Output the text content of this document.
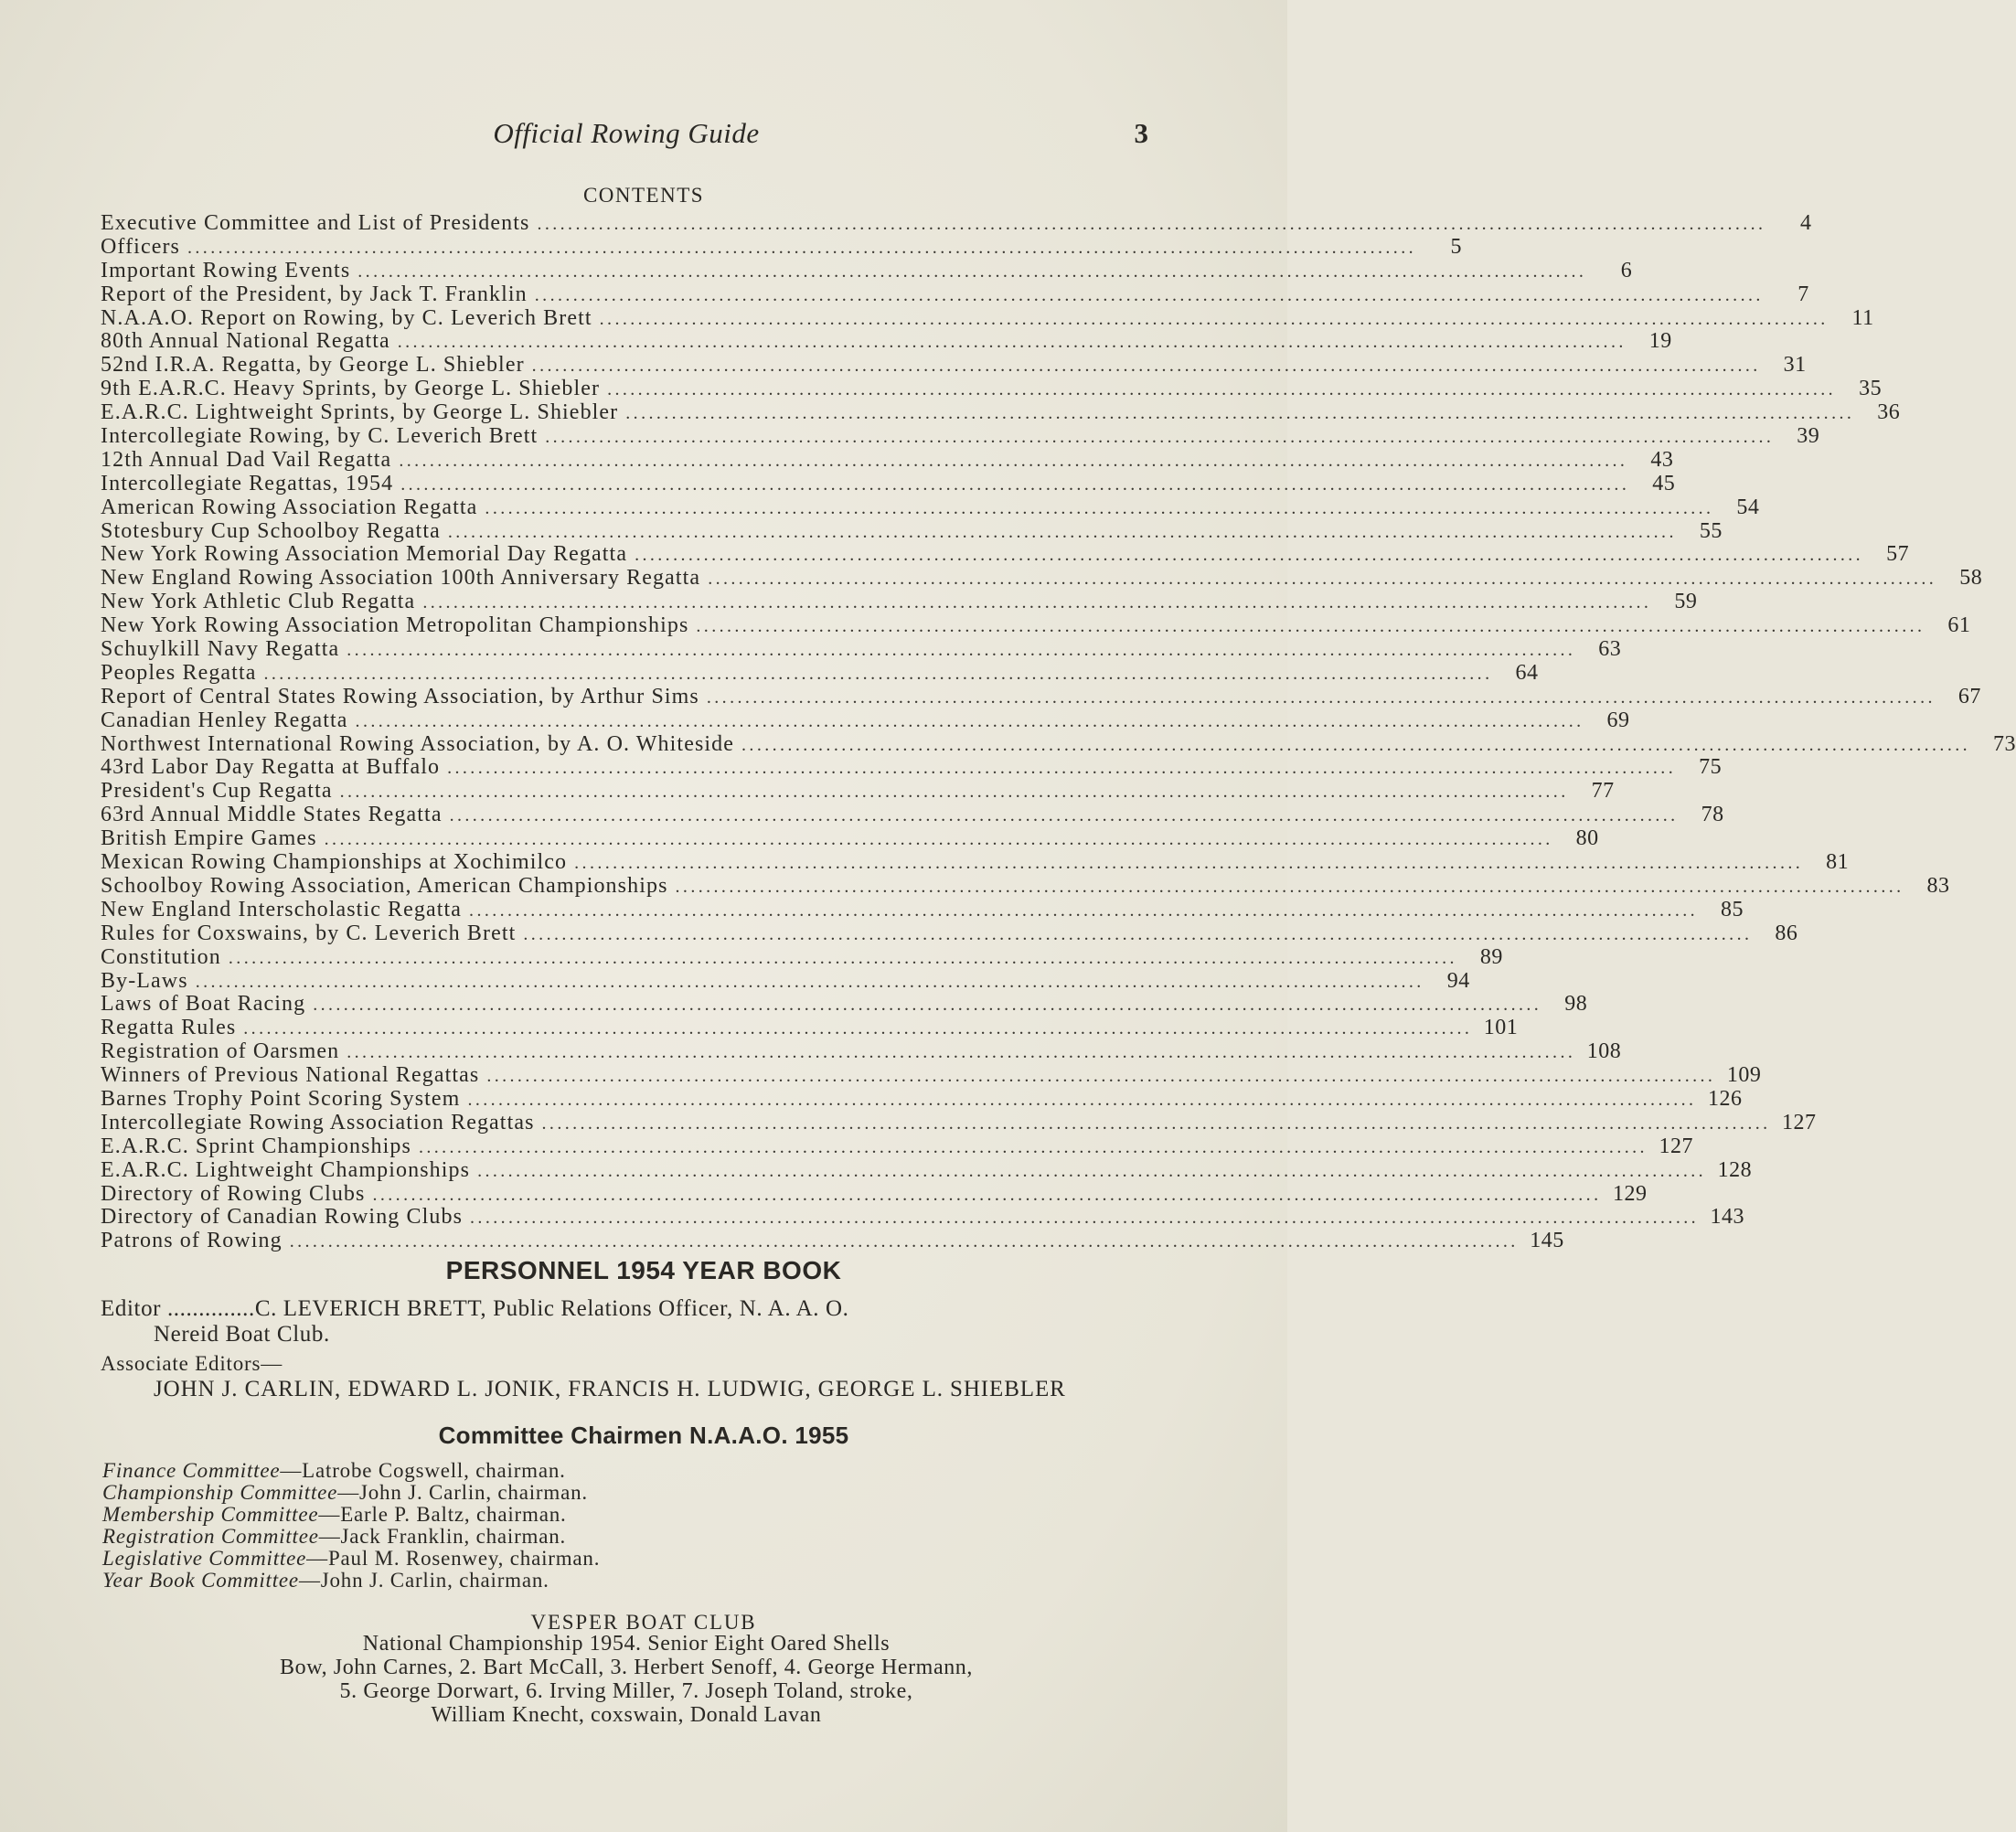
Official Rowing Guide	3
CONTENTS
Executive Committee and List of Presidents ................................................................................................................................................................	4
Officers ................................................................................................................................................................	5
Important Rowing Events ................................................................................................................................................................	6
Report of the President, by Jack T. Franklin ................................................................................................................................................................	7
N.A.A.O. Report on Rowing, by C. Leverich Brett ................................................................................................................................................................	11
80th Annual National Regatta ................................................................................................................................................................	19
52nd I.R.A. Regatta, by George L. Shiebler ................................................................................................................................................................	31
9th E.A.R.C. Heavy Sprints, by George L. Shiebler ................................................................................................................................................................	35
E.A.R.C. Lightweight Sprints, by George L. Shiebler ................................................................................................................................................................	36
Intercollegiate Rowing, by C. Leverich Brett ................................................................................................................................................................	39
12th Annual Dad Vail Regatta ................................................................................................................................................................	43
Intercollegiate Regattas, 1954 ................................................................................................................................................................	45
American Rowing Association Regatta ................................................................................................................................................................	54
Stotesbury Cup Schoolboy Regatta ................................................................................................................................................................	55
New York Rowing Association Memorial Day Regatta ................................................................................................................................................................	57
New England Rowing Association 100th Anniversary Regatta ................................................................................................................................................................	58
New York Athletic Club Regatta ................................................................................................................................................................	59
New York Rowing Association Metropolitan Championships ................................................................................................................................................................	61
Schuylkill Navy Regatta ................................................................................................................................................................	63
Peoples Regatta ................................................................................................................................................................	64
Report of Central States Rowing Association, by Arthur Sims ................................................................................................................................................................	67
Canadian Henley Regatta ................................................................................................................................................................	69
Northwest International Rowing Association, by A. O. Whiteside ................................................................................................................................................................	73
43rd Labor Day Regatta at Buffalo ................................................................................................................................................................	75
President's Cup Regatta ................................................................................................................................................................	77
63rd Annual Middle States Regatta ................................................................................................................................................................	78
British Empire Games ................................................................................................................................................................	80
Mexican Rowing Championships at Xochimilco ................................................................................................................................................................	81
Schoolboy Rowing Association, American Championships ................................................................................................................................................................	83
New England Interscholastic Regatta ................................................................................................................................................................	85
Rules for Coxswains, by C. Leverich Brett ................................................................................................................................................................	86
Constitution ................................................................................................................................................................	89
By-Laws ................................................................................................................................................................	94
Laws of Boat Racing ................................................................................................................................................................	98
Regatta Rules ................................................................................................................................................................ 101
Registration of Oarsmen ................................................................................................................................................................ 108
Winners of Previous National Regattas ................................................................................................................................................................ 109
Barnes Trophy Point Scoring System ................................................................................................................................................................ 126
Intercollegiate Rowing Association Regattas ................................................................................................................................................................ 127
E.A.R.C. Sprint Championships ................................................................................................................................................................ 127
E.A.R.C. Lightweight Championships ................................................................................................................................................................ 128
Directory of Rowing Clubs ................................................................................................................................................................ 129
Directory of Canadian Rowing Clubs ................................................................................................................................................................ 143
Patrons of Rowing ................................................................................................................................................................ 145
PERSONNEL 1954 YEAR BOOK
Editor ..............C. LEVERICH BRETT, Public Relations Officer, N. A. A. O.
Nereid Boat Club.
Associate Editors—
JOHN J. CARLIN, EDWARD L. JONIK, FRANCIS H. LUDWIG, GEORGE L. SHIEBLER
Committee Chairmen N.A.A.O. 1955
Finance Committee—Latrobe Cogswell, chairman.
Championship Committee—John J. Carlin, chairman.
Membership Committee—Earle P. Baltz, chairman.
Registration Committee—Jack Franklin, chairman.
Legislative Committee—Paul M. Rosenwey, chairman.
Year Book Committee—John J. Carlin, chairman.
VESPER BOAT CLUB
National Championship 1954. Senior Eight Oared Shells
Bow, John Carnes, 2. Bart McCall, 3. Herbert Senoff, 4. George Hermann,
5. George Dorwart, 6. Irving Miller, 7. Joseph Toland, stroke,
William Knecht, coxswain, Donald Lavan
